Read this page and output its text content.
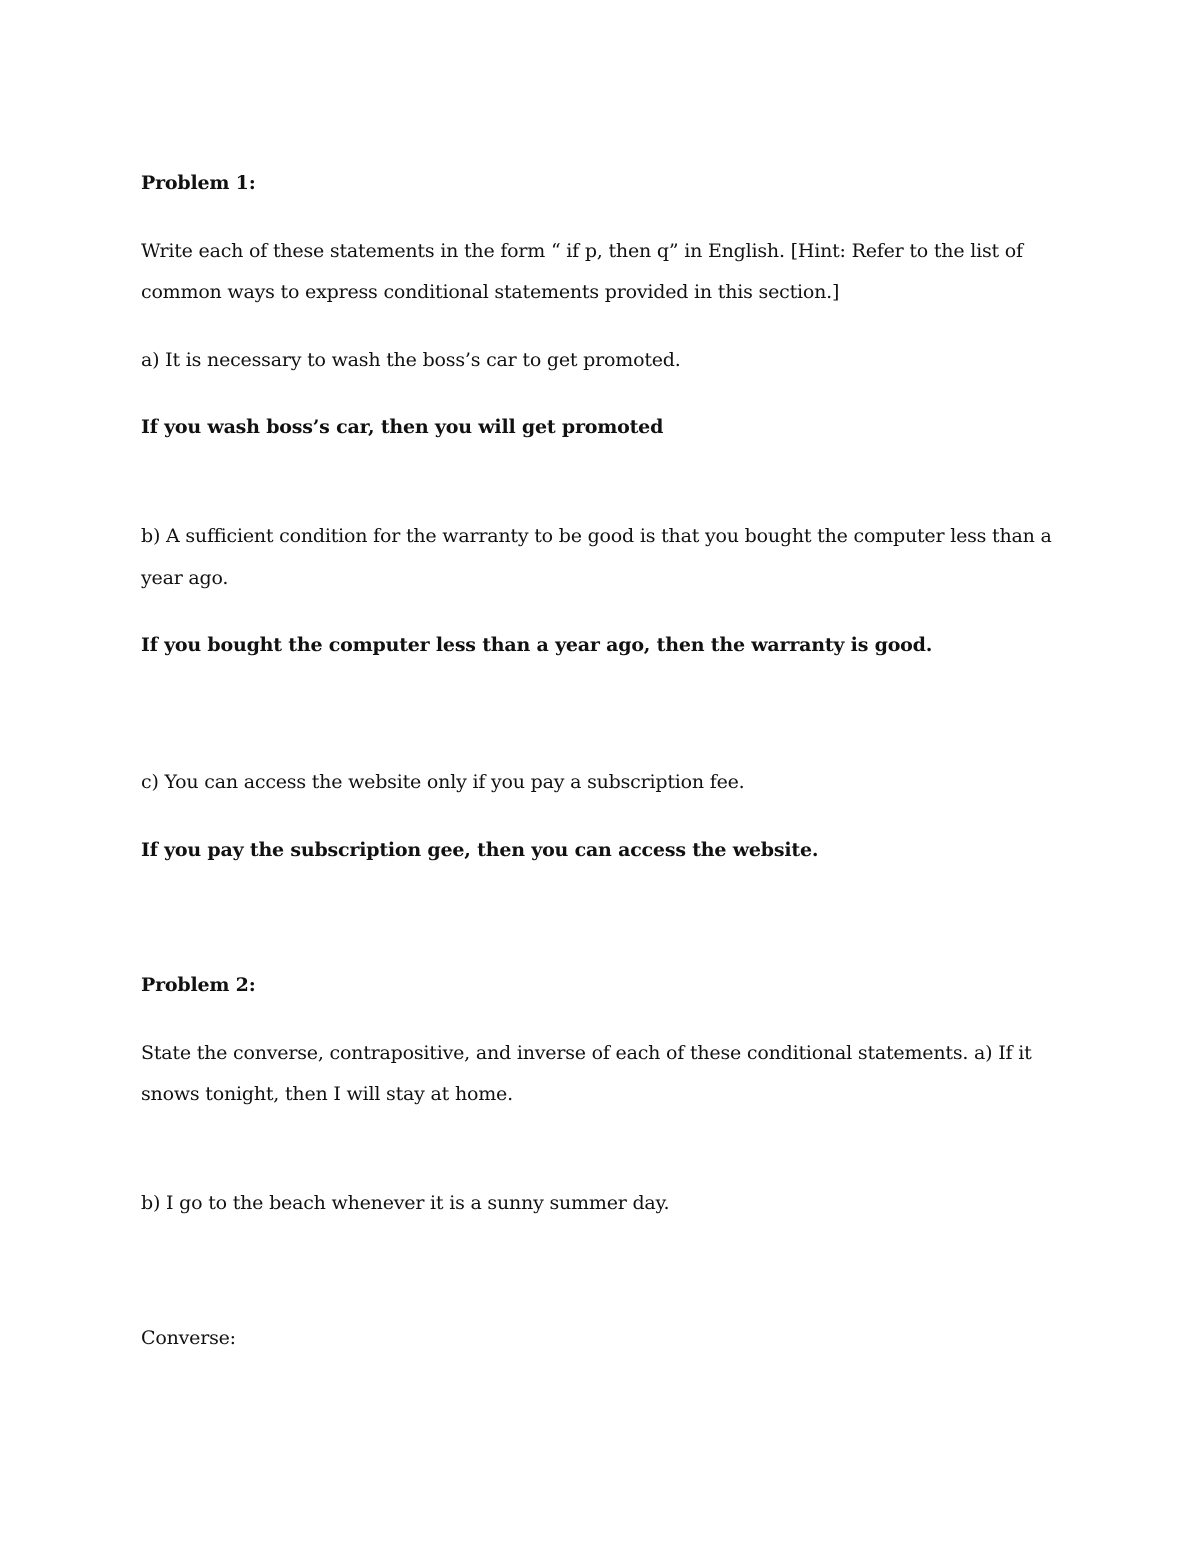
Problem 1:
Write each of these statements in the form “ if p, then q” in English. [Hint: Refer to the list of
common ways to express conditional statements provided in this section.]
a) It is necessary to wash the boss’s car to get promoted.
If you wash boss’s car, then you will get promoted
b) A sufficient condition for the warranty to be good is that you bought the computer less than a
year ago.
If you bought the computer less than a year ago, then the warranty is good.
c) You can access the website only if you pay a subscription fee.
If you pay the subscription gee, then you can access the website.
Problem 2:
State the converse, contrapositive, and inverse of each of these conditional statements. a) If it
snows tonight, then I will stay at home.
b) I go to the beach whenever it is a sunny summer day.
Converse:
